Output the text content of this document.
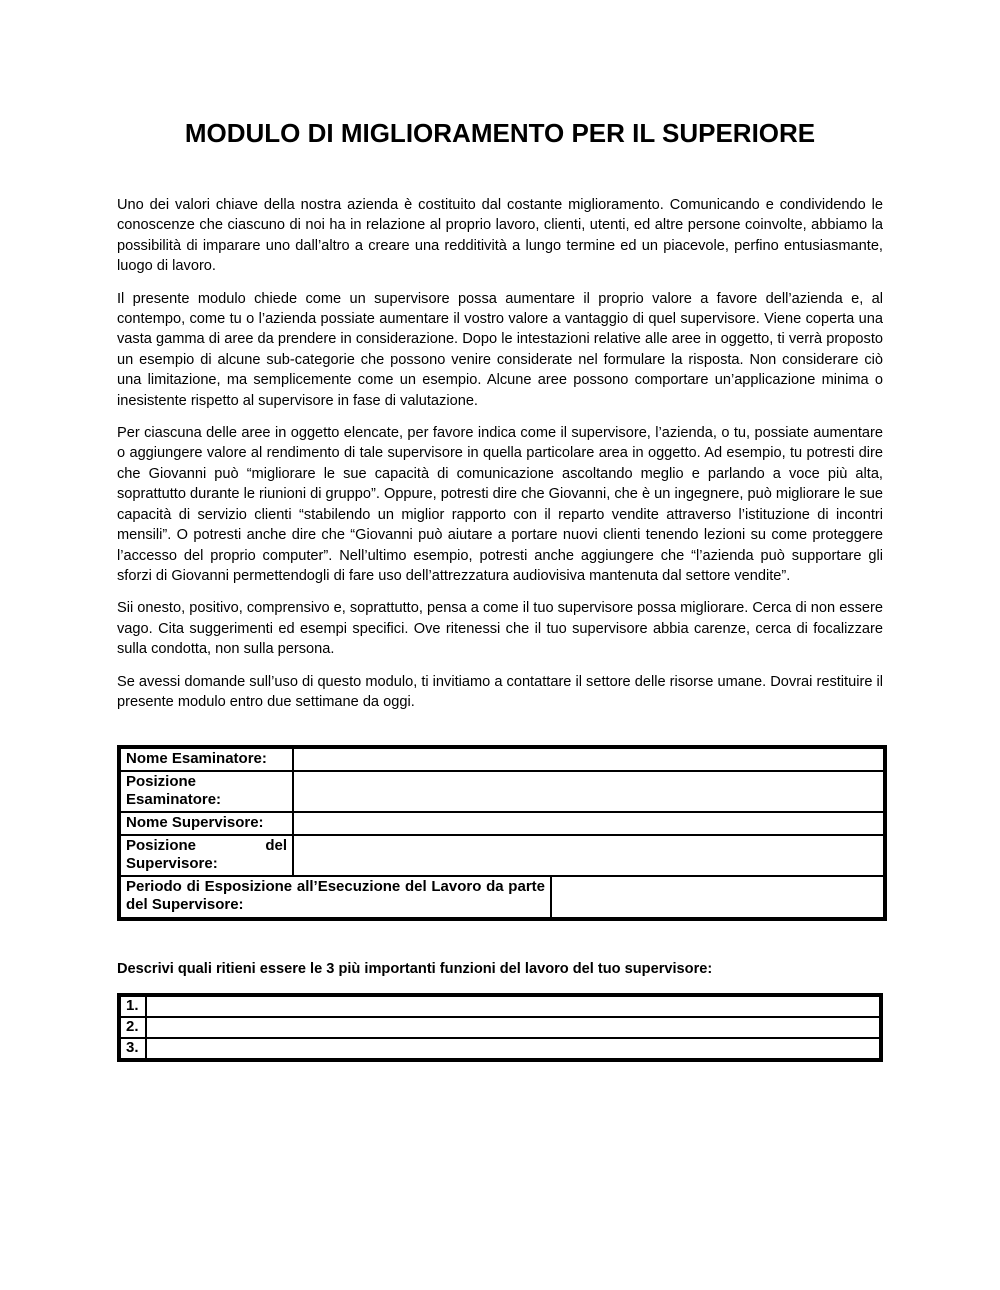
MODULO DI MIGLIORAMENTO PER IL SUPERIORE

Uno dei valori chiave della nostra azienda è costituito dal costante miglioramento. Comunicando e condividendo le conoscenze che ciascuno di noi ha in relazione al proprio lavoro, clienti, utenti, ed altre persone coinvolte, abbiamo la possibilità di imparare uno dall’altro a creare una redditività a lungo termine ed un piacevole, perfino entusiasmante, luogo di lavoro.

Il presente modulo chiede come un supervisore possa aumentare il proprio valore a favore dell’azienda e, al contempo, come tu o l’azienda possiate aumentare il vostro valore a vantaggio di quel supervisore. Viene coperta una vasta gamma di aree da prendere in considerazione. Dopo le intestazioni relative alle aree in oggetto, ti verrà proposto un esempio di alcune sub-categorie che possono venire considerate nel formulare la risposta. Non considerare ciò una limitazione, ma semplicemente come un esempio. Alcune aree possono comportare un’applicazione minima o inesistente rispetto al supervisore in fase di valutazione.

Per ciascuna delle aree in oggetto elencate, per favore indica come il supervisore, l’azienda, o tu, possiate aumentare o aggiungere valore al rendimento di tale supervisore in quella particolare area in oggetto. Ad esempio, tu potresti dire che Giovanni può “migliorare le sue capacità di comunicazione ascoltando meglio e parlando a voce più alta, soprattutto durante le riunioni di gruppo”. Oppure, potresti dire che Giovanni, che è un ingegnere, può migliorare le sue capacità di servizio clienti “stabilendo un miglior rapporto con il reparto vendite attraverso l’istituzione di incontri mensili”. O potresti anche dire che “Giovanni può aiutare a portare nuovi clienti tenendo lezioni su come proteggere l’accesso del proprio computer”. Nell’ultimo esempio, potresti anche aggiungere che “l’azienda può supportare gli sforzi di Giovanni permettendogli di fare uso dell’attrezzatura audiovisiva mantenuta dal settore vendite”.

Sii onesto, positivo, comprensivo e, soprattutto, pensa a come il tuo supervisore possa migliorare. Cerca di non essere vago. Cita suggerimenti ed esempi specifici. Ove ritenessi che il tuo supervisore abbia carenze, cerca di focalizzare sulla condotta, non sulla persona.

Se avessi domande sull’uso di questo modulo, ti invitiamo a contattare il settore delle risorse umane. Dovrai restituire il presente modulo entro due settimane da oggi.

Nome Esaminatore:		
Posizione Esaminatore:		
Nome Supervisore:		
Posizione del Supervisore:		
Periodo di Esposizione all’Esecuzione del Lavoro da parte del Supervisore:		

Descrivi quali ritieni essere le 3 più importanti funzioni del lavoro del tuo supervisore:

1.	
2.	
3.	
